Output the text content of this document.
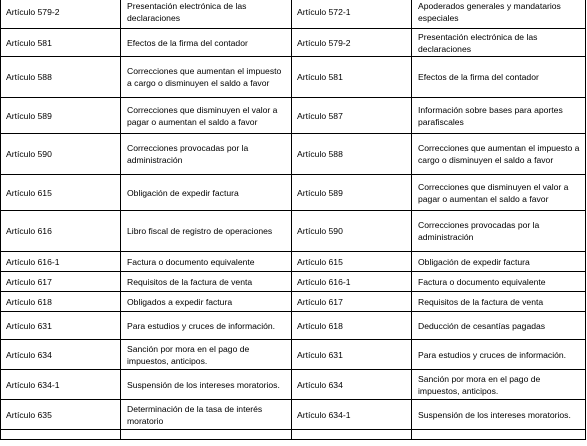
Artículo 579-2	Presentación electrónica de las declaraciones	Artículo 572-1	Apoderados generales y mandatarios especiales
Artículo 581	Efectos de la firma del contador	Artículo 579-2	Presentación electrónica de las declaraciones
Artículo 588	Correcciones que aumentan el impuesto a cargo o disminuyen el saldo a favor	Artículo 581	Efectos de la firma del contador
Artículo 589	Correcciones que disminuyen el valor a pagar o aumentan el saldo a favor	Artículo 587	Información sobre bases para aportes parafiscales
Artículo 590	Correcciones provocadas por la administración	Artículo 588	Correcciones que aumentan el impuesto a cargo o disminuyen el saldo a favor
Artículo 615	Obligación de expedir factura	Artículo 589	Correcciones que disminuyen el valor a pagar o aumentan el saldo a favor
Artículo 616	Libro fiscal de registro de operaciones	Artículo 590	Correcciones provocadas por la administración
Artículo 616-1	Factura o documento equivalente	Artículo 615	Obligación de expedir factura
Artículo 617	Requisitos de la factura de venta	Artículo 616-1	Factura o documento equivalente
Artículo 618	Obligados a expedir factura	Artículo 617	Requisitos de la factura de venta
Artículo 631	Para estudios y cruces de información.	Artículo 618	Deducción de cesantías pagadas
Artículo 634	Sanción por mora en el pago de impuestos, anticipos.	Artículo 631	Para estudios y cruces de información.
Artículo 634-1	Suspensión de los intereses moratorios.	Artículo 634	Sanción por mora en el pago de impuestos, anticipos.
Artículo 635	Determinación de la tasa de interés moratorio	Artículo 634-1	Suspensión de los intereses moratorios.
